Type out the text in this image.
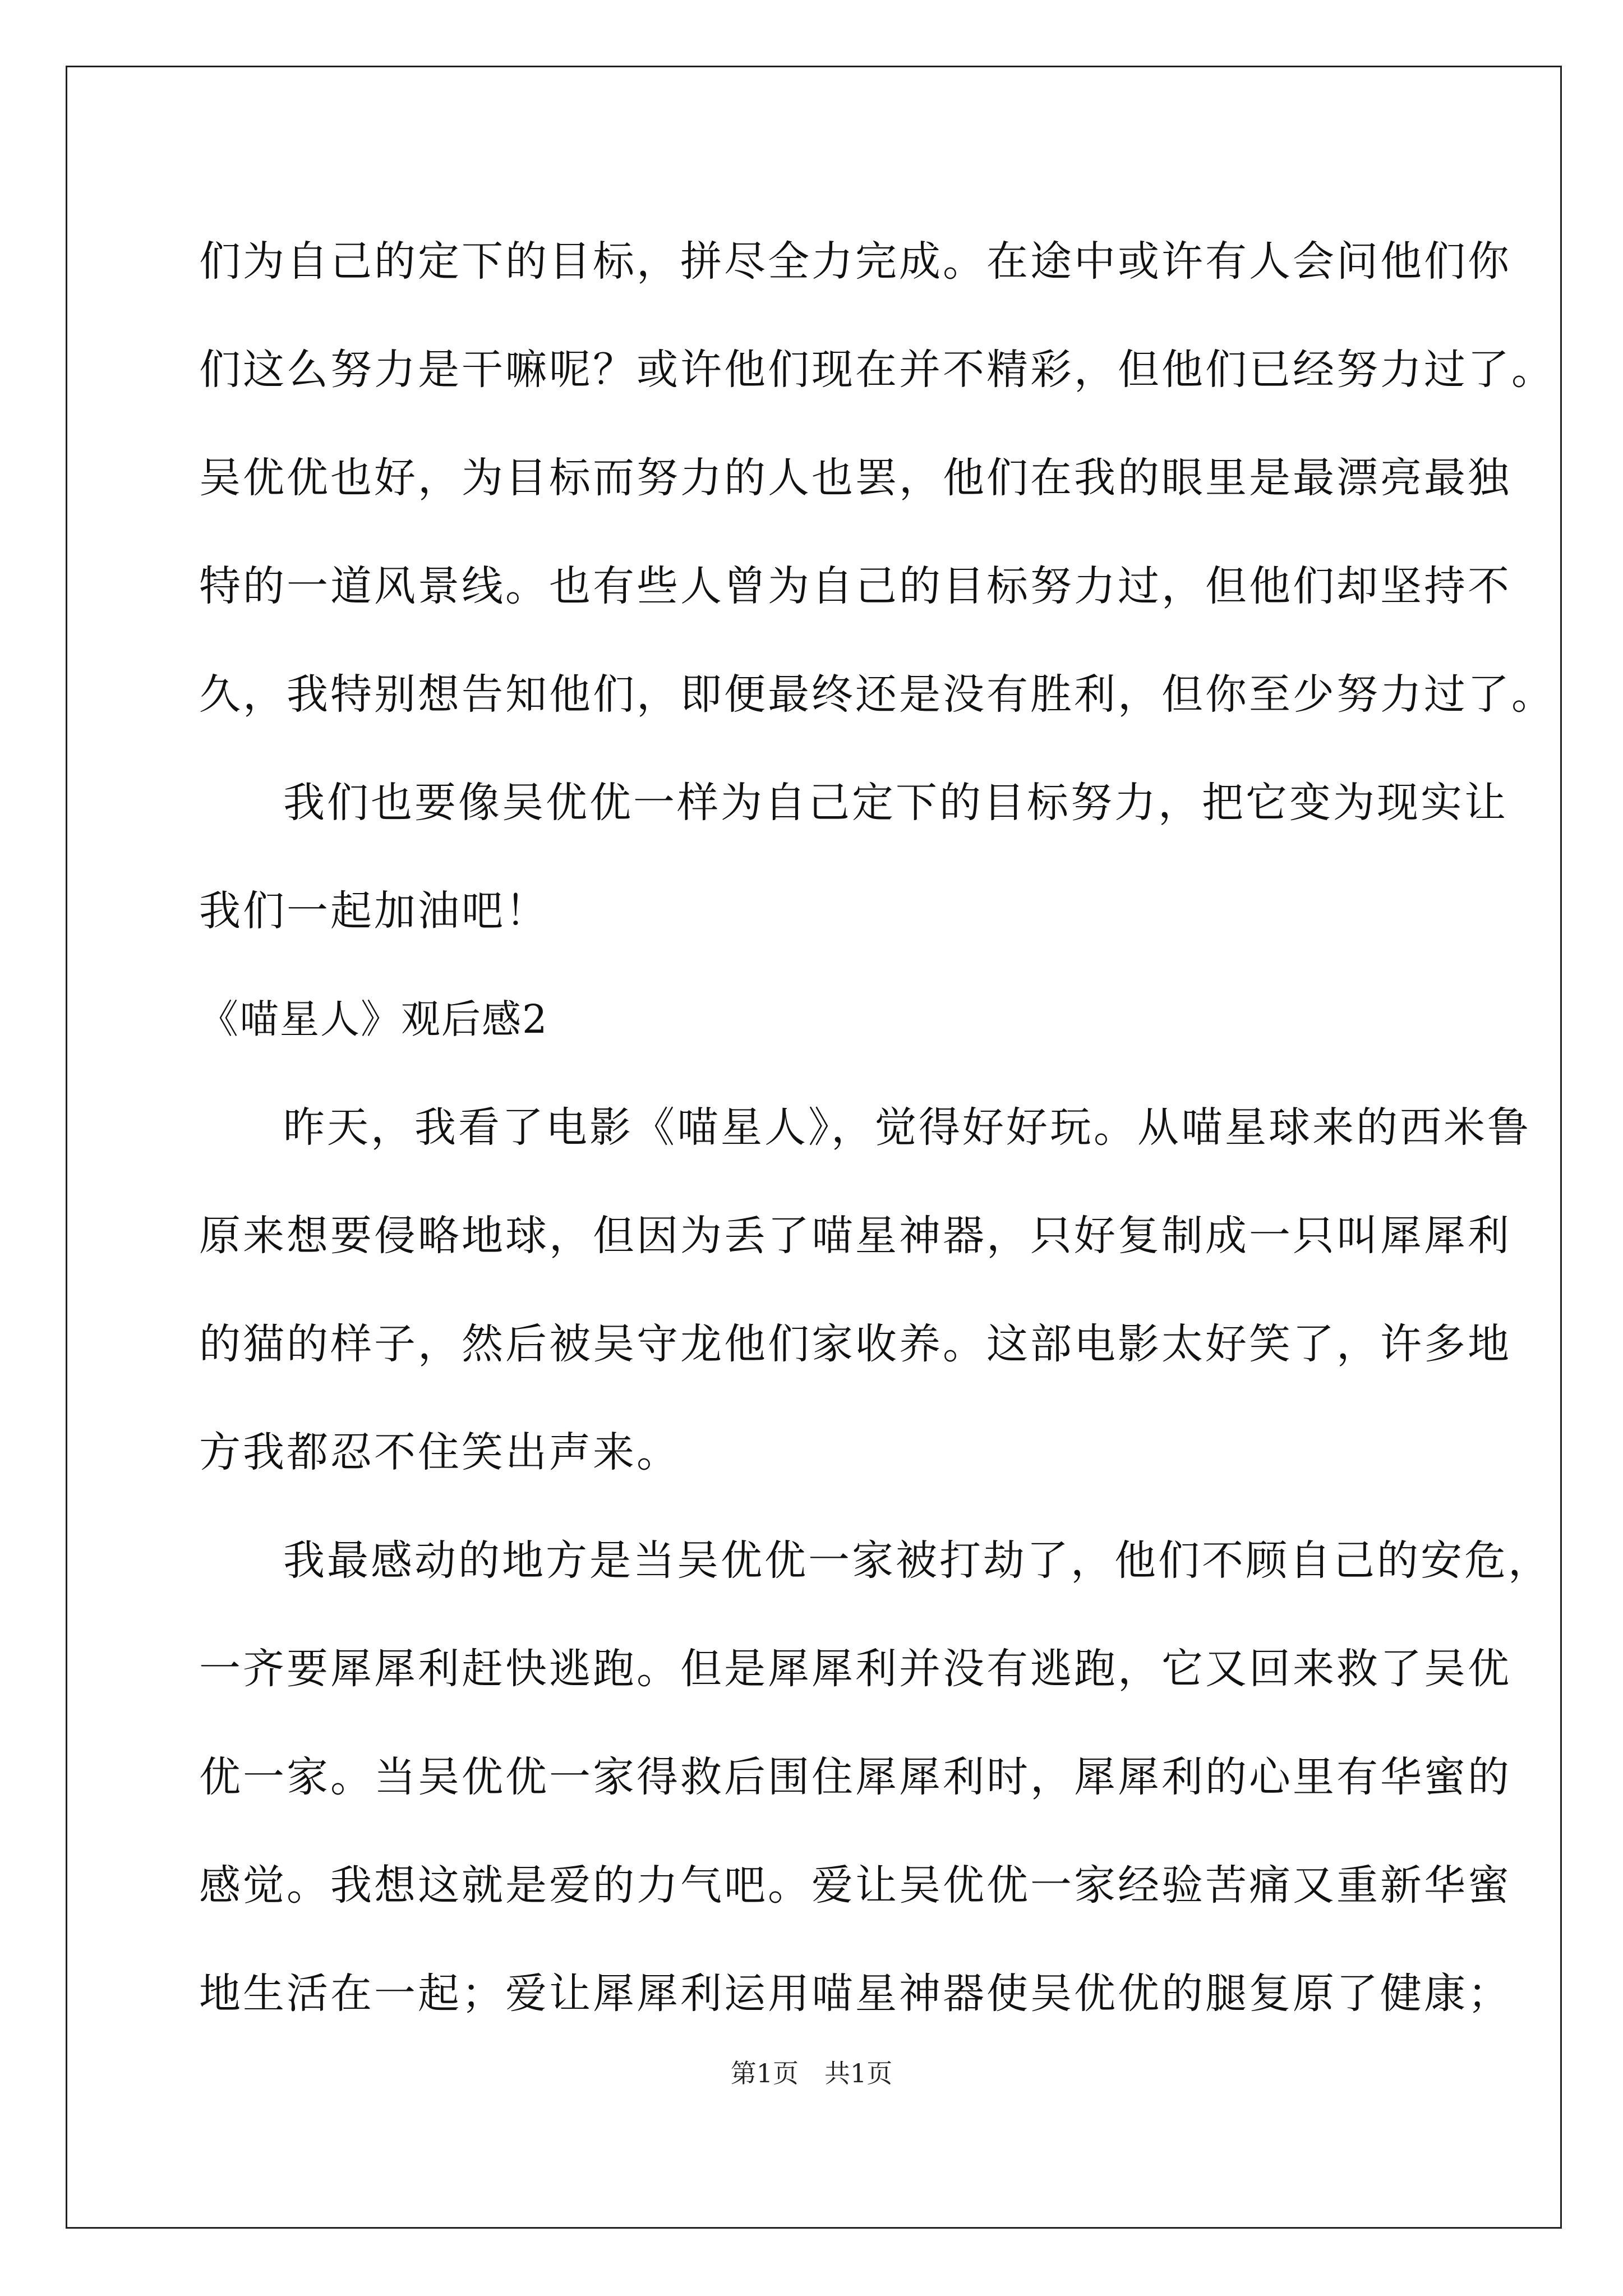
们为自己的定下的目标，拼尽全力完成。在途中或许有人会问他们你
们这么努力是干嘛呢？或许他们现在并不精彩，但他们已经努力过了。
吴优优也好，为目标而努力的人也罢，他们在我的眼里是最漂亮最独
特的一道风景线。也有些人曾为自己的目标努力过，但他们却坚持不
久，我特别想告知他们，即便最终还是没有胜利，但你至少努力过了。
我们也要像吴优优一样为自己定下的目标努力，把它变为现实让
我们一起加油吧！
《喵星人》观后感2
昨天，我看了电影《喵星人》，觉得好好玩。从喵星球来的西米鲁
原来想要侵略地球，但因为丢了喵星神器，只好复制成一只叫犀犀利
的猫的样子，然后被吴守龙他们家收养。这部电影太好笑了，许多地
方我都忍不住笑出声来。
我最感动的地方是当吴优优一家被打劫了，他们不顾自己的安危，
一齐要犀犀利赶快逃跑。但是犀犀利并没有逃跑，它又回来救了吴优
优一家。当吴优优一家得救后围住犀犀利时，犀犀利的心里有华蜜的
感觉。我想这就是爱的力气吧。爱让吴优优一家经验苦痛又重新华蜜
地生活在一起；爱让犀犀利运用喵星神器使吴优优的腿复原了健康；
第1页　共1页
